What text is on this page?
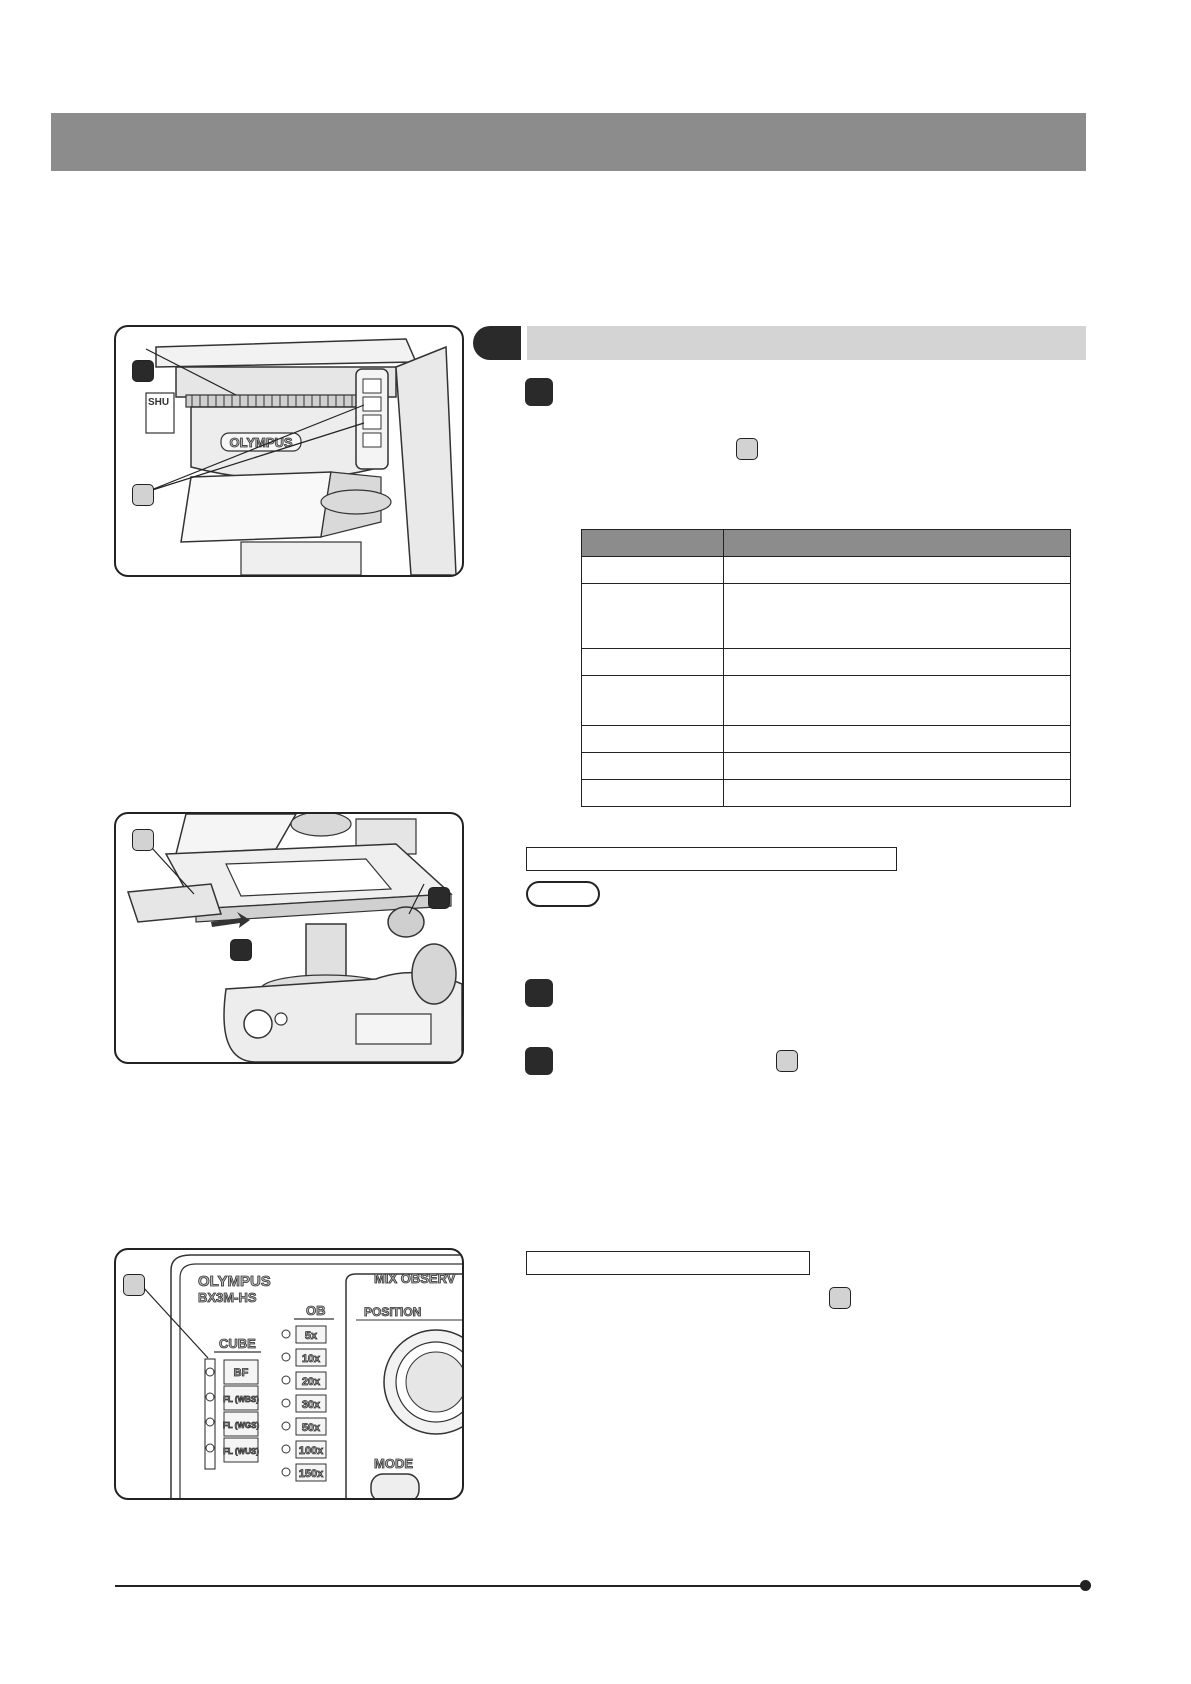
OLYMPUS
SHU
OLYMPUS
BX3M-HS
OB
5x
10x
20x
30x
50x
100x
150x
CUBE
BF
FL (WBS)
FL (WGS)
FL (WUS)
MIX OBSERV
POSITION
MODE
